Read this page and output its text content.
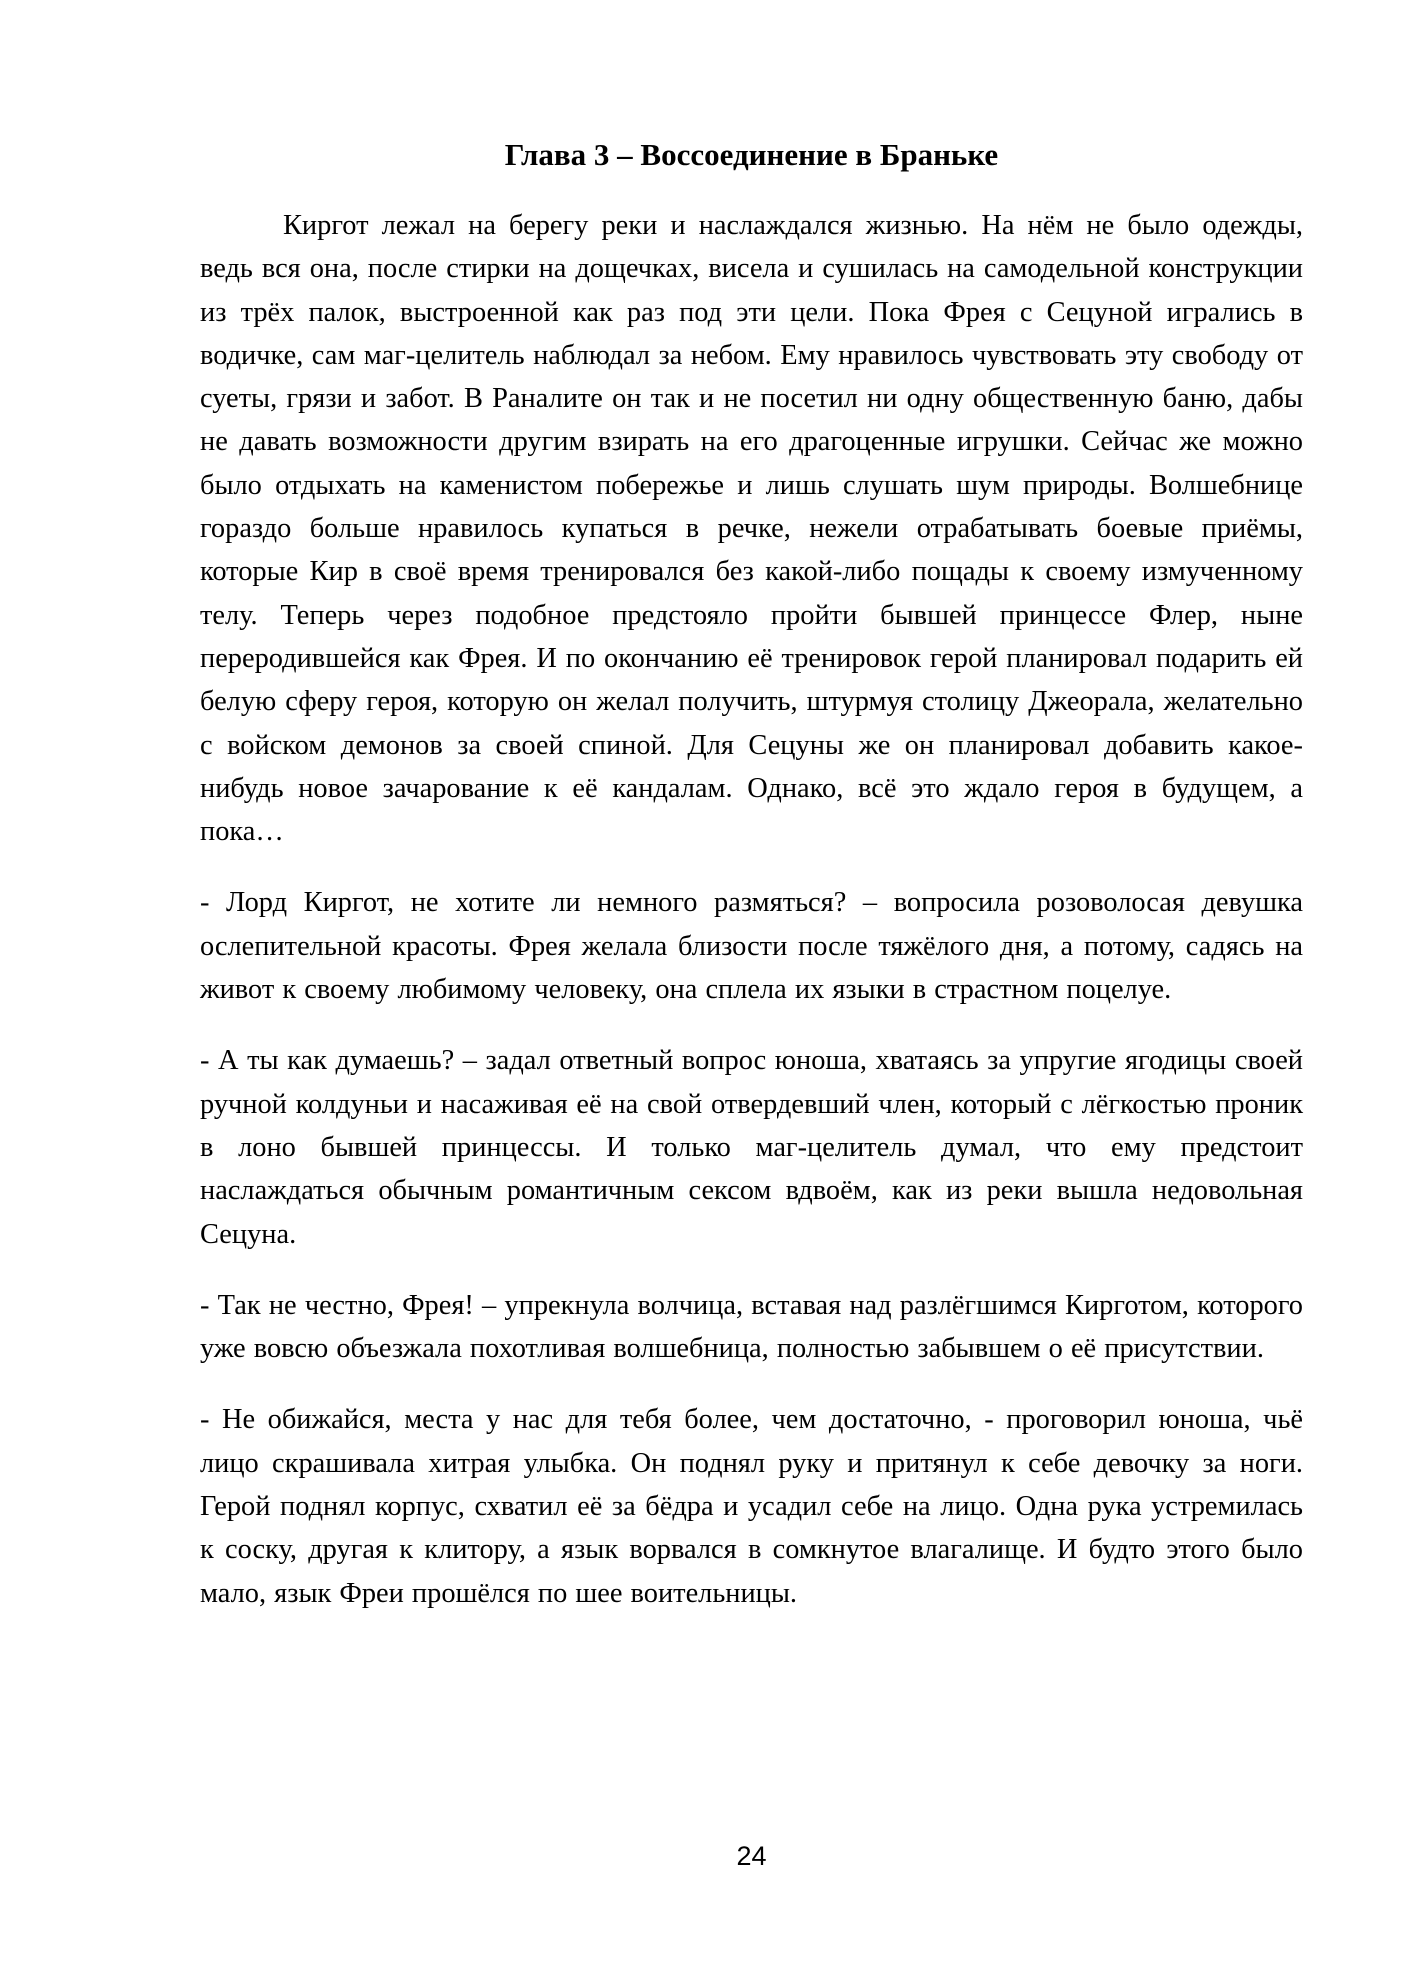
Глава 3 – Воссоединение в Браньке

Киргот лежал на берегу реки и наслаждался жизнью. На нём не было одежды, ведь вся она, после стирки на дощечках, висела и сушилась на самодельной конструкции из трёх палок, выстроенной как раз под эти цели. Пока Фрея с Сецуной игрались в водичке, сам маг-целитель наблюдал за небом. Ему нравилось чувствовать эту свободу от суеты, грязи и забот. В Раналите он так и не посетил ни одну общественную баню, дабы не давать возможности другим взирать на его драгоценные игрушки. Сейчас же можно было отдыхать на каменистом побережье и лишь слушать шум природы. Волшебнице гораздо больше нравилось купаться в речке, нежели отрабатывать боевые приёмы, которые Кир в своё время тренировался без какой-либо пощады к своему измученному телу. Теперь через подобное предстояло пройти бывшей принцессе Флер, ныне переродившейся как Фрея. И по окончанию её тренировок герой планировал подарить ей белую сферу героя, которую он желал получить, штурмуя столицу Джеорала, желательно с войском демонов за своей спиной. Для Сецуны же он планировал добавить какое-нибудь новое зачарование к её кандалам. Однако, всё это ждало героя в будущем, а пока…

- Лорд Киргот, не хотите ли немного размяться? – вопросила розоволосая девушка ослепительной красоты. Фрея желала близости после тяжёлого дня, а потому, садясь на живот к своему любимому человеку, она сплела их языки в страстном поцелуе.

- А ты как думаешь? – задал ответный вопрос юноша, хватаясь за упругие ягодицы своей ручной колдуньи и насаживая её на свой отвердевший член, который с лёгкостью проник в лоно бывшей принцессы. И только маг-целитель думал, что ему предстоит наслаждаться обычным романтичным сексом вдвоём, как из реки вышла недовольная Сецуна.

- Так не честно, Фрея! – упрекнула волчица, вставая над разлёгшимся Кирготом, которого уже вовсю объезжала похотливая волшебница, полностью забывшем о её присутствии.

- Не обижайся, места у нас для тебя более, чем достаточно, - проговорил юноша, чьё лицо скрашивала хитрая улыбка. Он поднял руку и притянул к себе девочку за ноги. Герой поднял корпус, схватил её за бёдра и усадил себе на лицо. Одна рука устремилась к соску, другая к клитору, а язык ворвался в сомкнутое влагалище. И будто этого было мало, язык Фреи прошёлся по шее воительницы.

24
